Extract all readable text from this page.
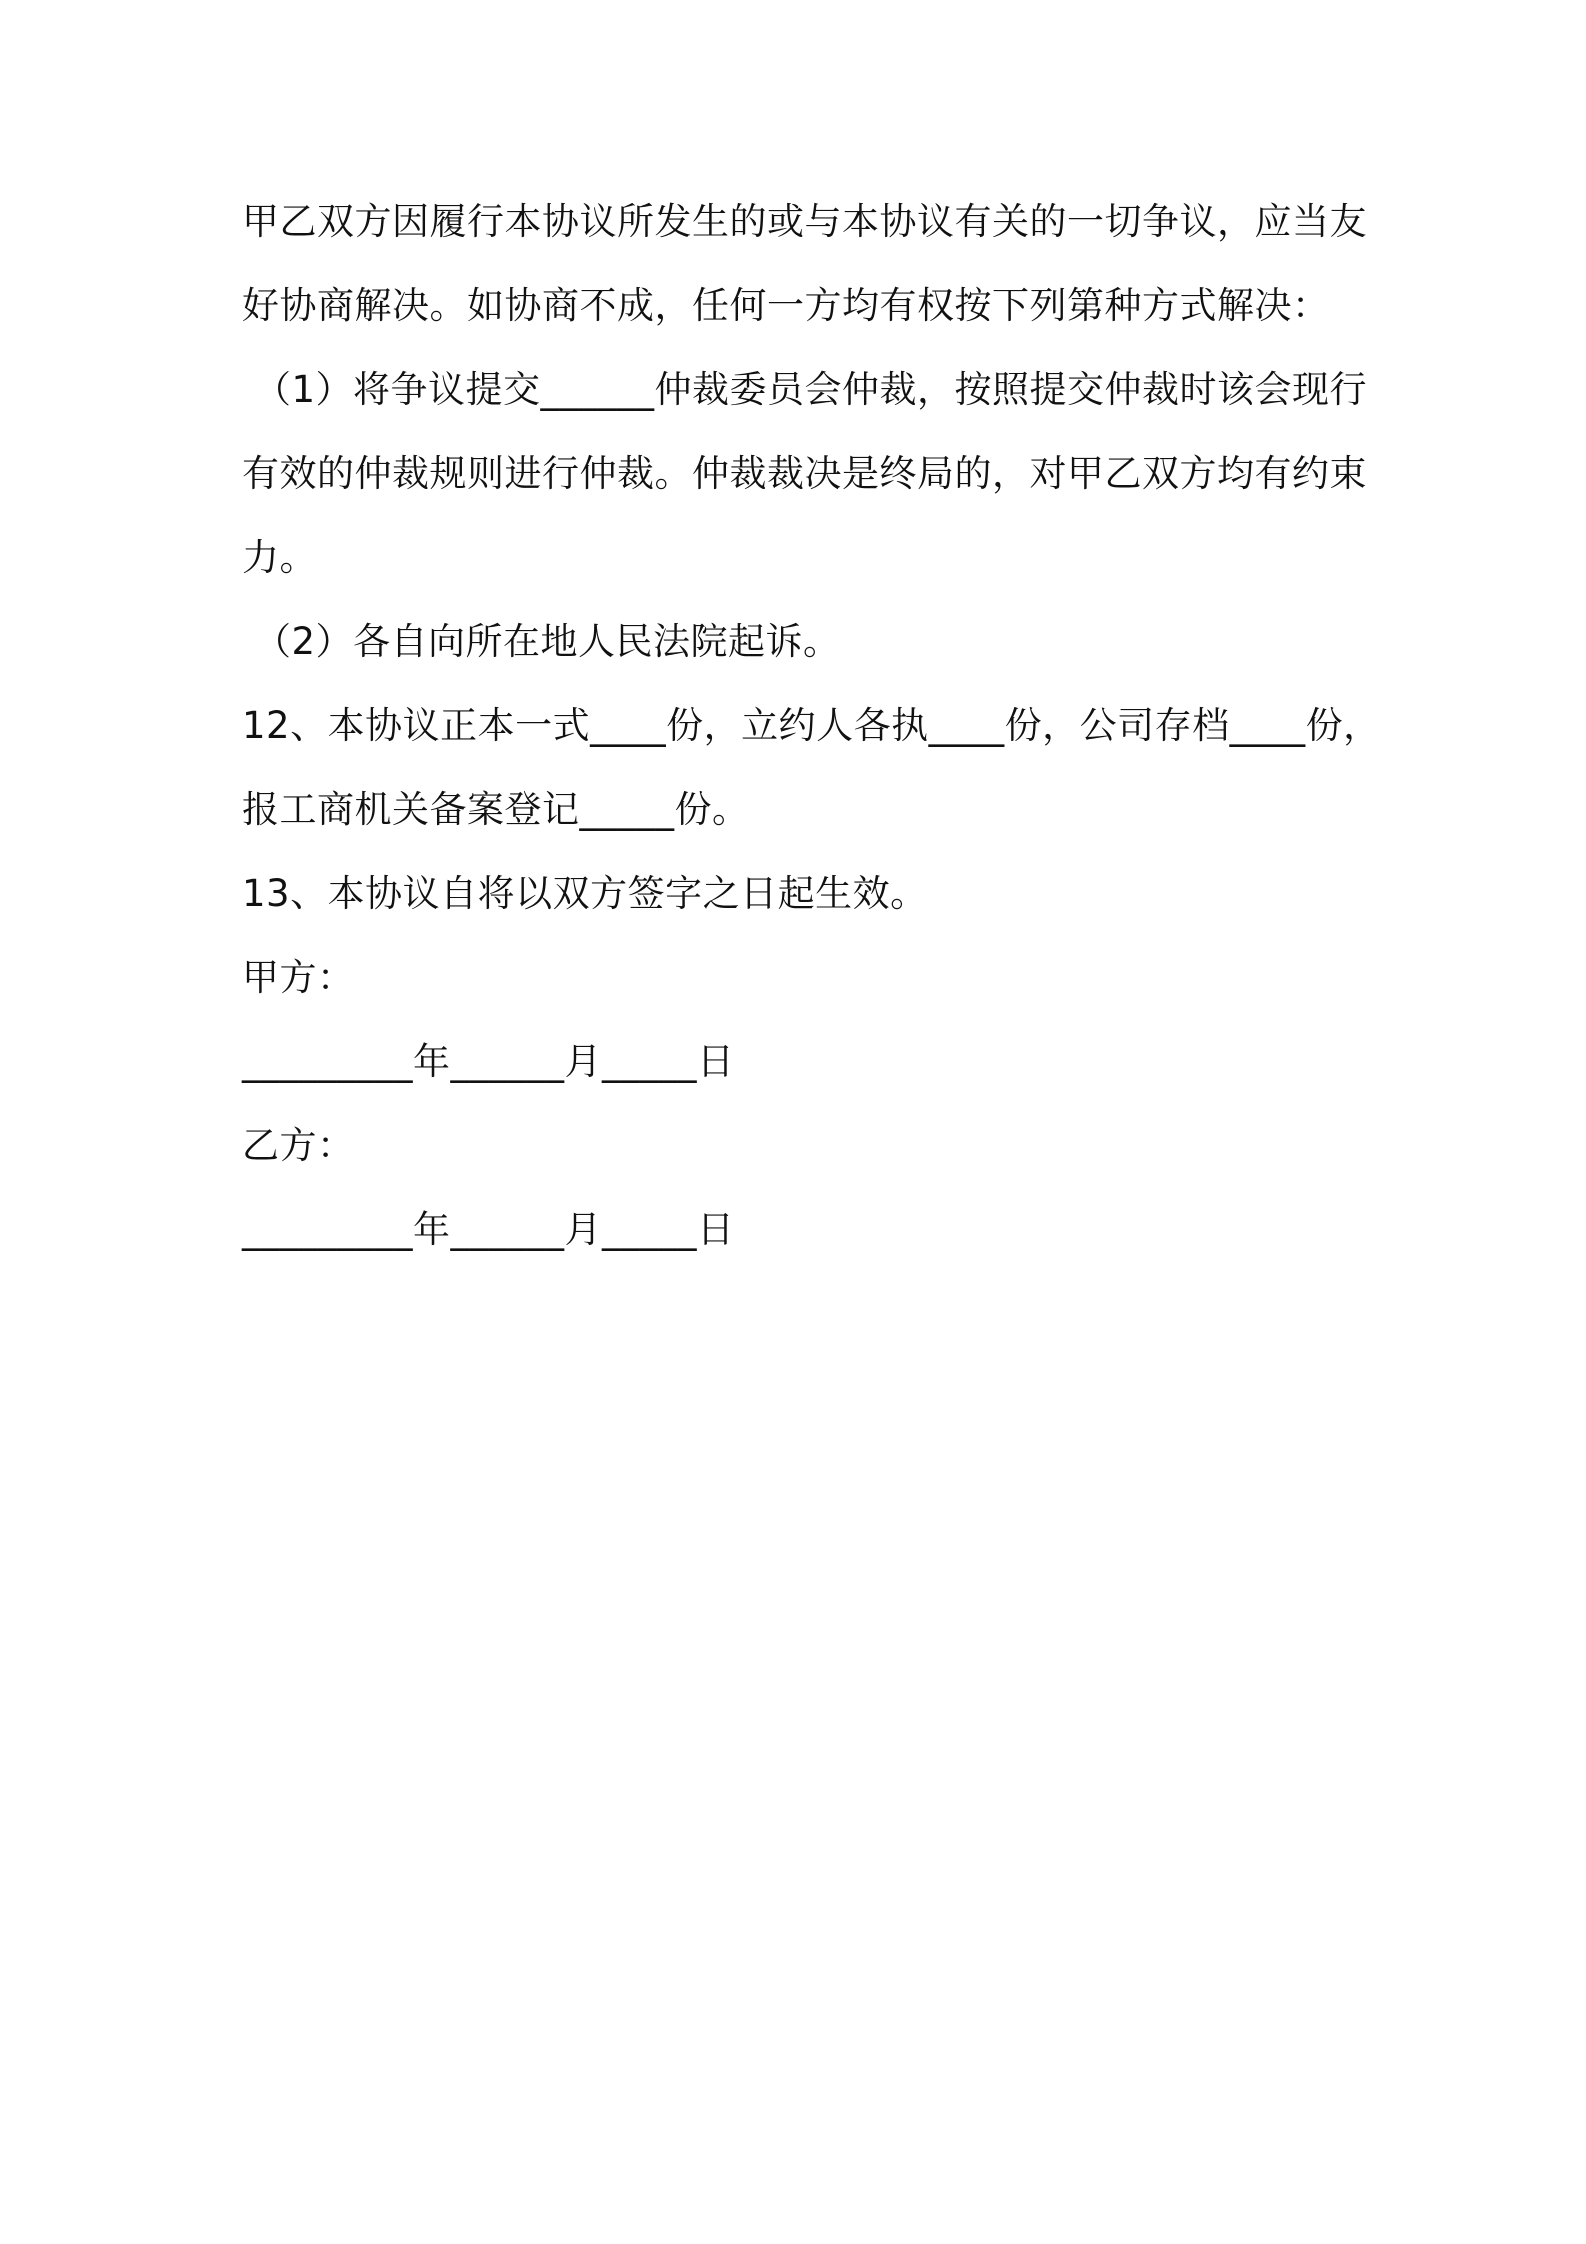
甲乙双方因履行本协议所发生的或与本协议有关的一切争议，应当友
好协商解决。如协商不成，任何一方均有权按下列第种方式解决：
（1）将争议提交______仲裁委员会仲裁，按照提交仲裁时该会现行
有效的仲裁规则进行仲裁。仲裁裁决是终局的，对甲乙双方均有约束
力。
（2）各自向所在地人民法院起诉。
12、本协议正本一式____份，立约人各执____份，公司存档____份，
报工商机关备案登记_____份。
13、本协议自将以双方签字之日起生效。
甲方：
_________年______月_____日
乙方：
_________年______月_____日
